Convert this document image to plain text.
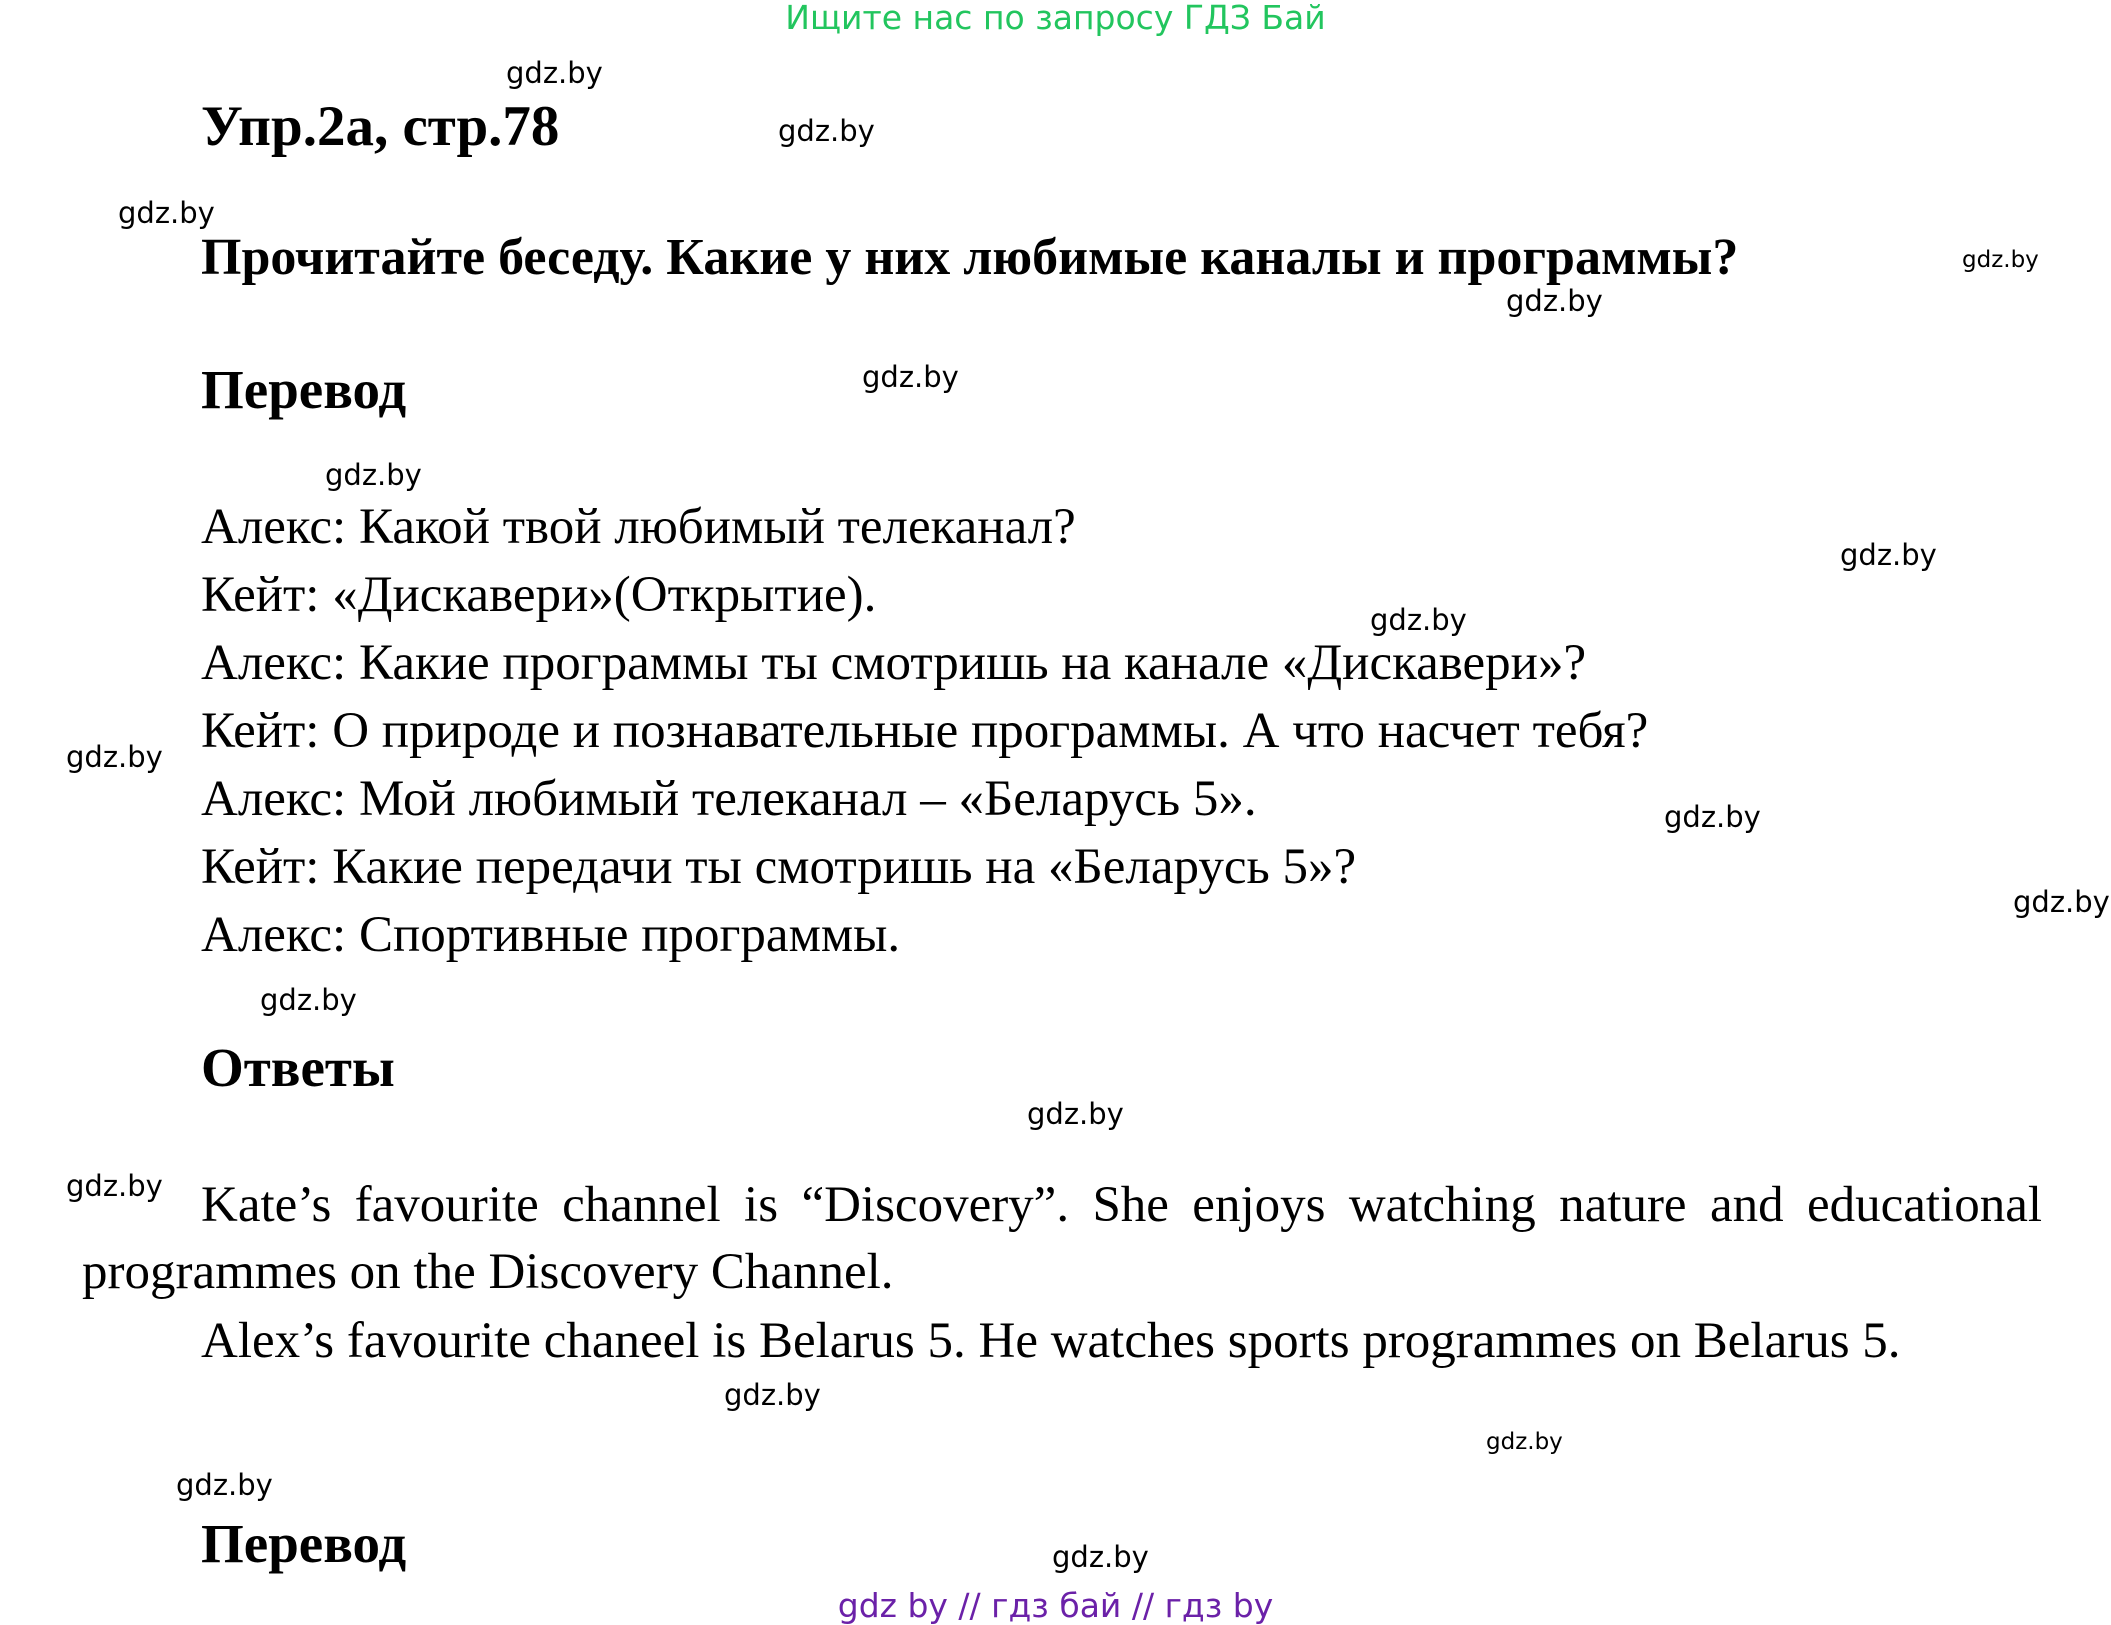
Ищите нас по запросу ГДЗ Бай
Упр.2а, стр.78
Прочитайте беседу. Какие у них любимые каналы и программы?
Перевод
Алекс: Какой твой любимый телеканал?
Кейт: «Дискавери»(Открытие).
Алекс: Какие программы ты смотришь на канале «Дискавери»?
Кейт: О природе и познавательные программы. А что насчет тебя?
Алекс: Мой любимый телеканал – «Беларусь 5».
Кейт: Какие передачи ты смотришь на «Беларусь 5»?
Алекс: Спортивные программы.
Ответы
Kate’s favourite channel is “Discovery”. She enjoys watching nature and educational programmes on the Discovery Channel.
Alex’s favourite chaneel is Belarus 5. He watches sports programmes on Belarus 5.
Перевод
gdz.by
gdz.by
gdz.by
gdz.by
gdz.by
gdz.by
gdz.by
gdz.by
gdz.by
gdz.by
gdz.by
gdz.by
gdz.by
gdz.by
gdz.by
gdz.by
gdz.by
gdz.by
gdz.by
gdz by // гдз бай // гдз by
